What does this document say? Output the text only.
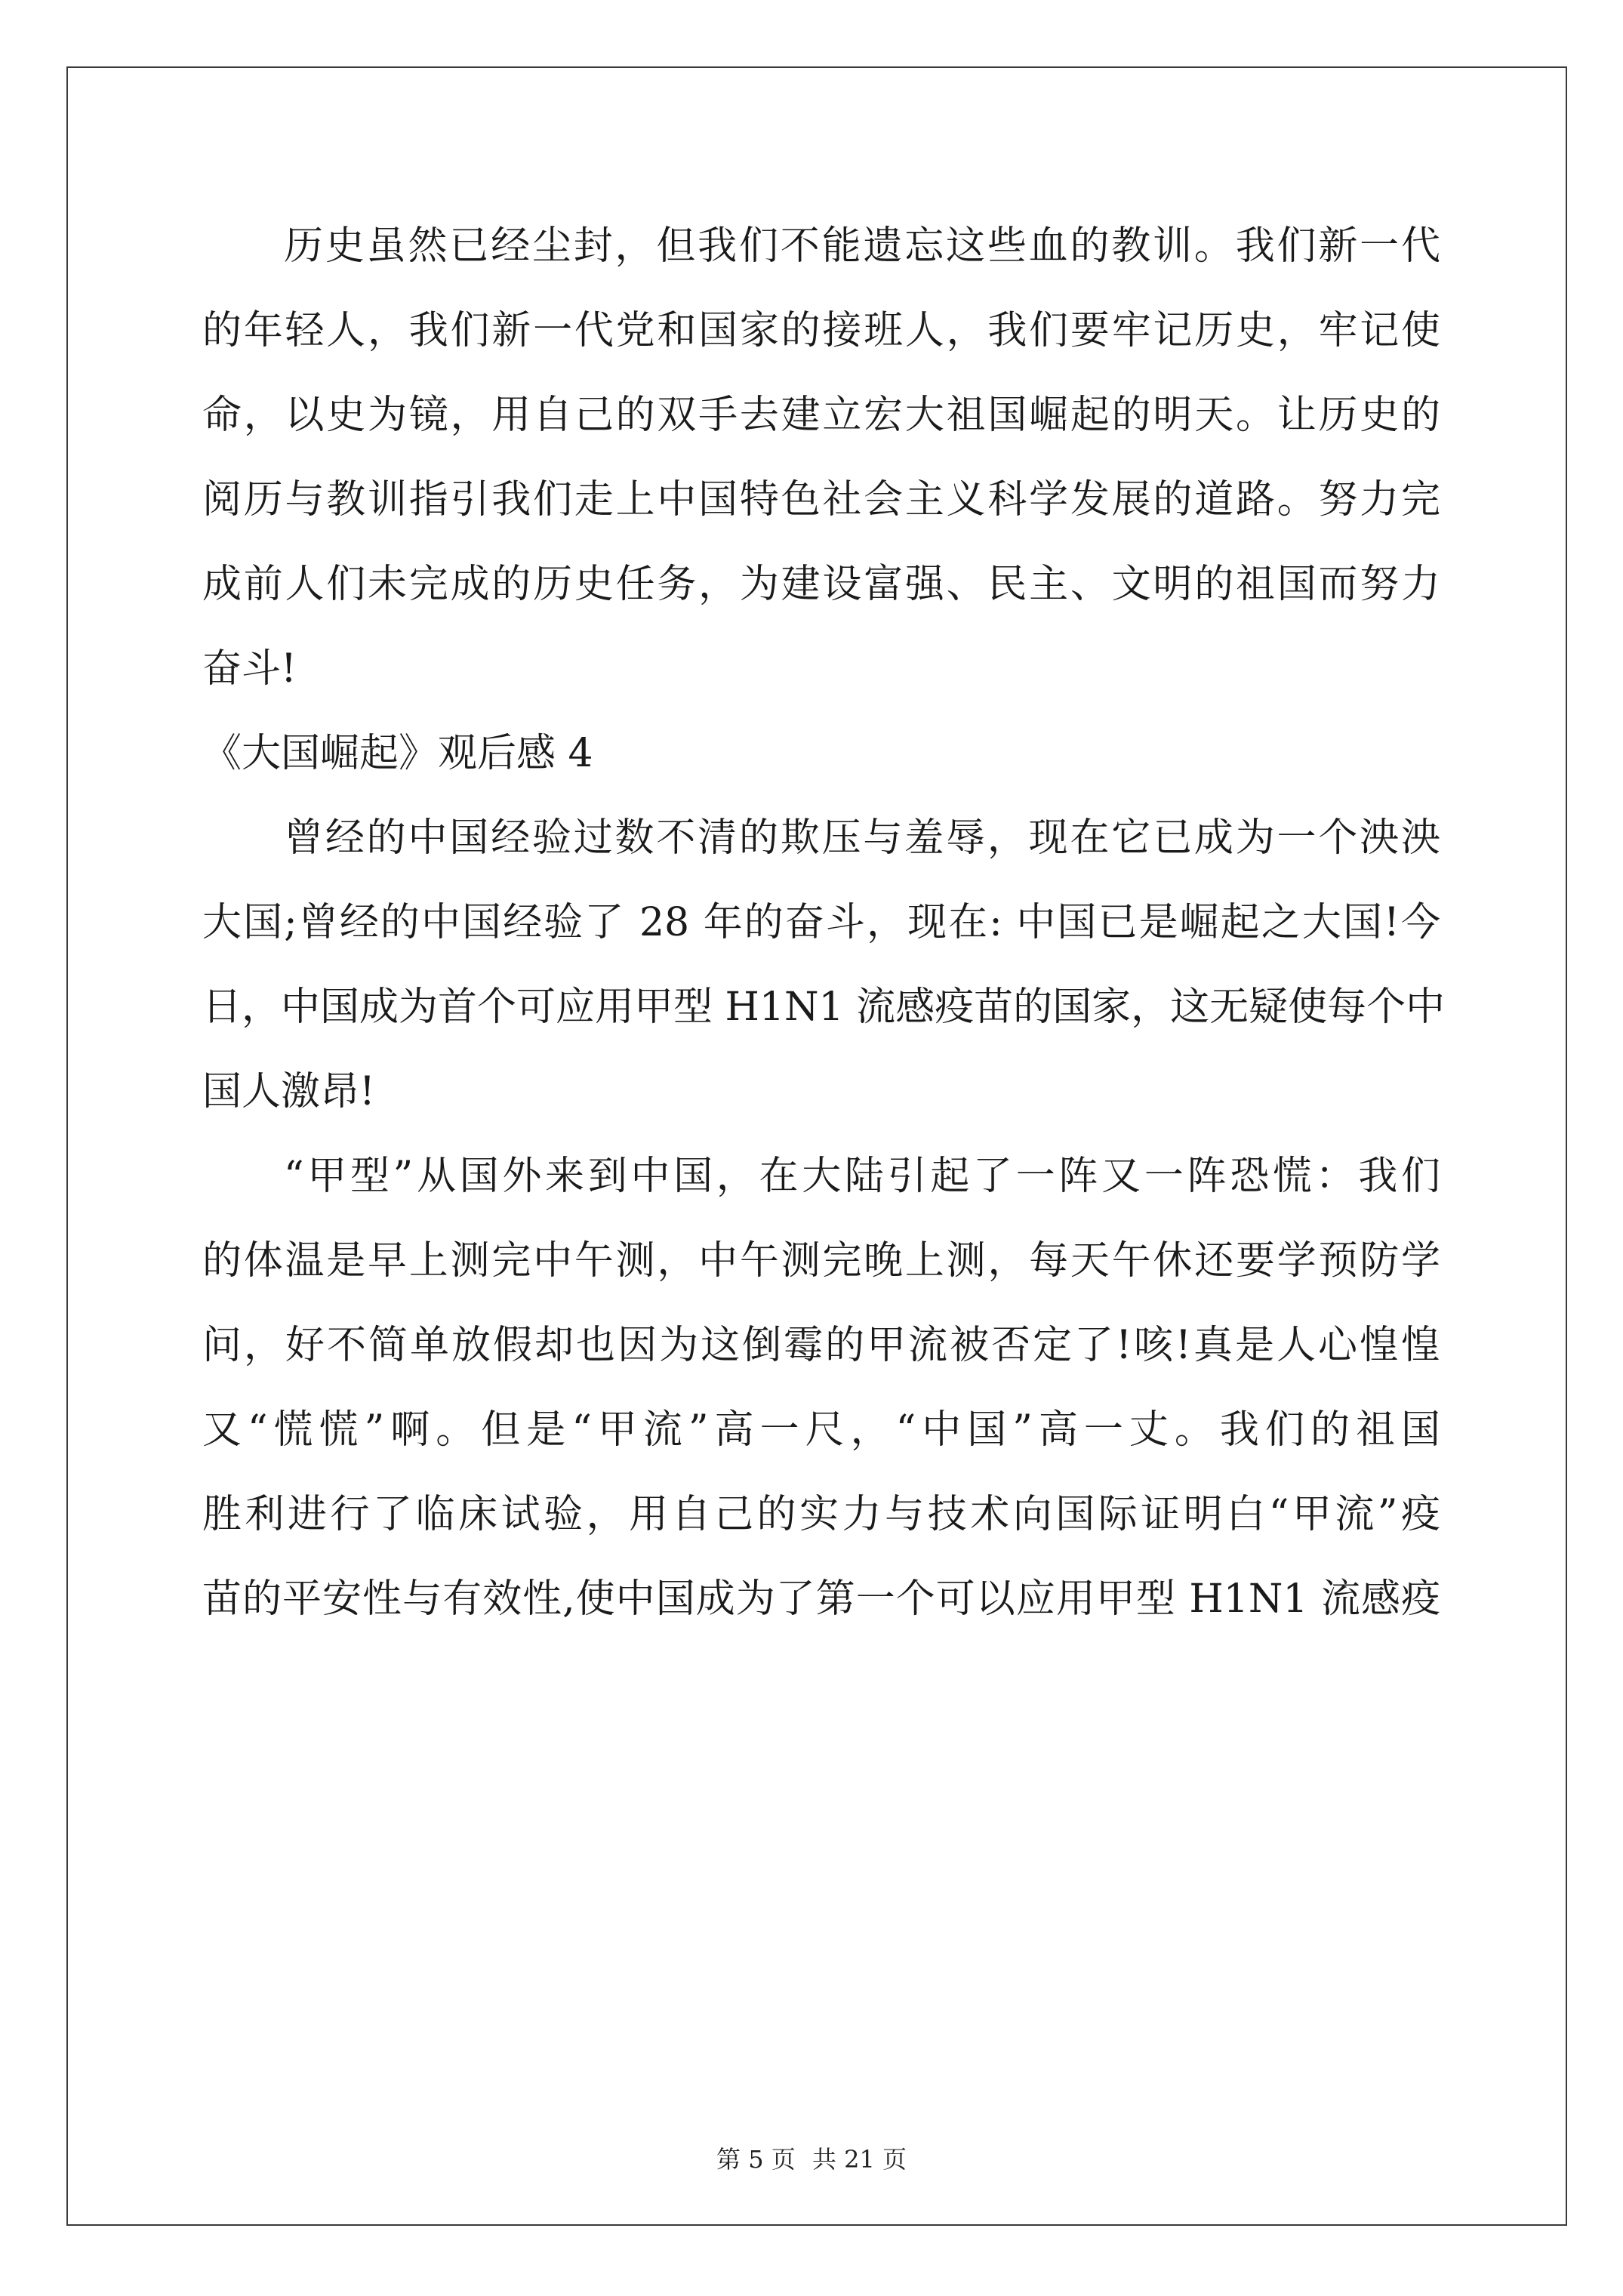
历史虽然已经尘封，但我们不能遗忘这些血的教训。我们新一代
的年轻人，我们新一代党和国家的接班人，我们要牢记历史，牢记使
命，以史为镜，用自己的双手去建立宏大祖国崛起的明天。让历史的
阅历与教训指引我们走上中国特色社会主义科学发展的道路。努力完
成前人们未完成的历史任务，为建设富强、民主、文明的祖国而努力
奋斗!
《大国崛起》观后感 4
曾经的中国经验过数不清的欺压与羞辱，现在它已成为一个泱泱
大国;曾经的中国经验了 28 年的奋斗，现在: 中国已是崛起之大国!今
日，中国成为首个可应用甲型 H1N1 流感疫苗的国家，这无疑使每个中
国人激昂!
“甲型”从国外来到中国，在大陆引起了一阵又一阵恐慌：我们
的体温是早上测完中午测，中午测完晚上测，每天午休还要学预防学
问，好不简单放假却也因为这倒霉的甲流被否定了!咳!真是人心惶惶
又“慌慌”啊。但是“甲流”高一尺，“中国”高一丈。我们的祖国
胜利进行了临床试验，用自己的实力与技术向国际证明白“甲流”疫
苗的平安性与有效性,使中国成为了第一个可以应用甲型 H1N1 流感疫
第 5 页 共 21 页
